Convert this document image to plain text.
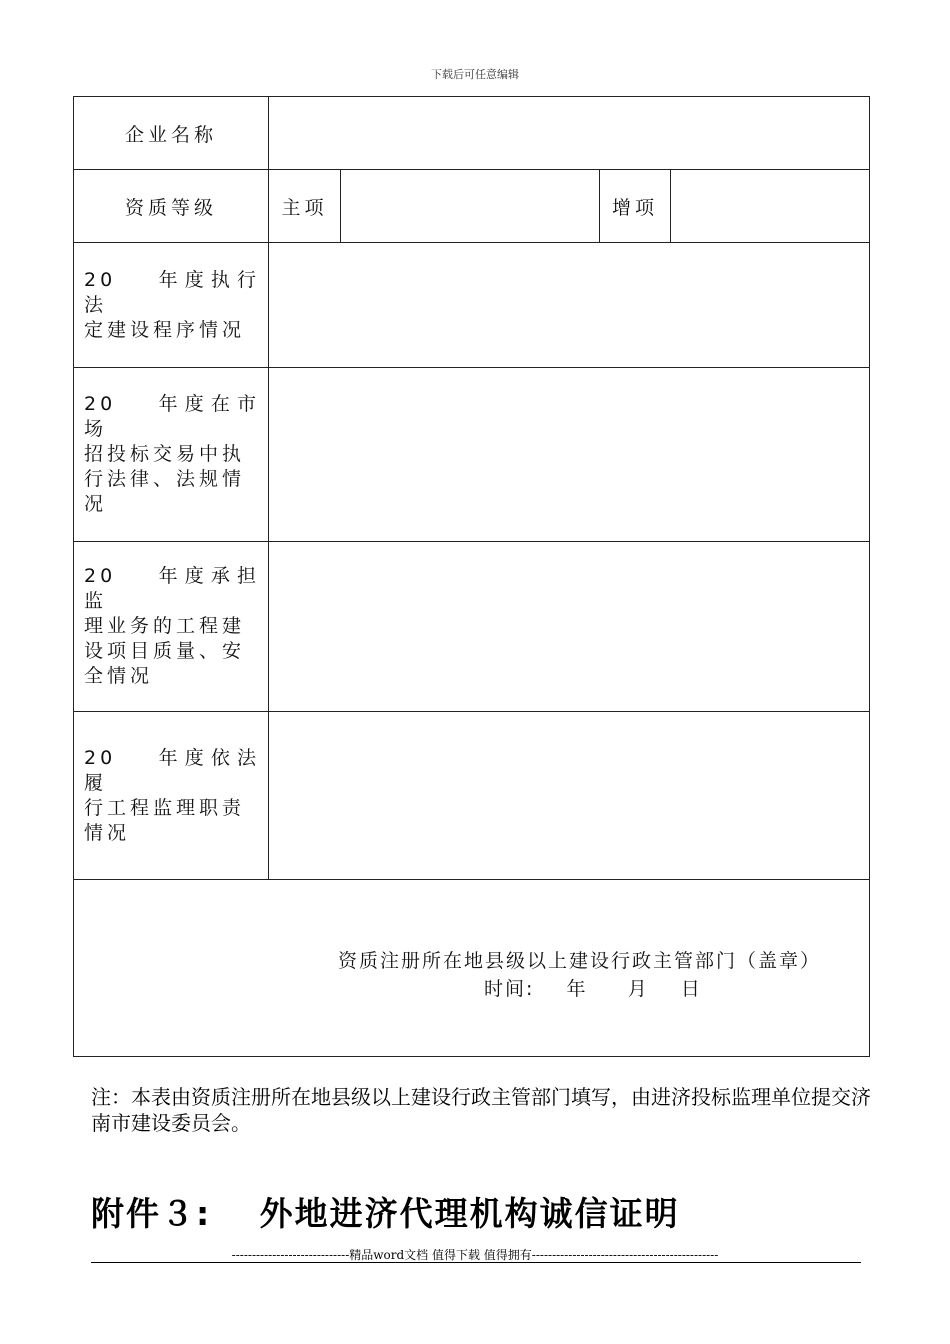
下载后可任意编辑
企业名称				
资质等级	主项		增项	

20　 年度执行法
定建设程序情况				

20　 年度在市场
招投标交易中执
行法律、法规情
况				

20　 年度承担监
理业务的工程建
设项目质量、安
全情况				

20　 年度依法履
行工程监理职责
情况				

资质注册所在地县级以上建设行政主管部门（盖章）
时间:    年     月    日				
注：本表由资质注册所在地县级以上建设行政主管部门填写，由进济投标监理单位提交济南市建设委员会。
附件３:　 外地进济代理机构诚信证明
-----------------------------精品word文档 值得下载 值得拥有----------------------------------------------
